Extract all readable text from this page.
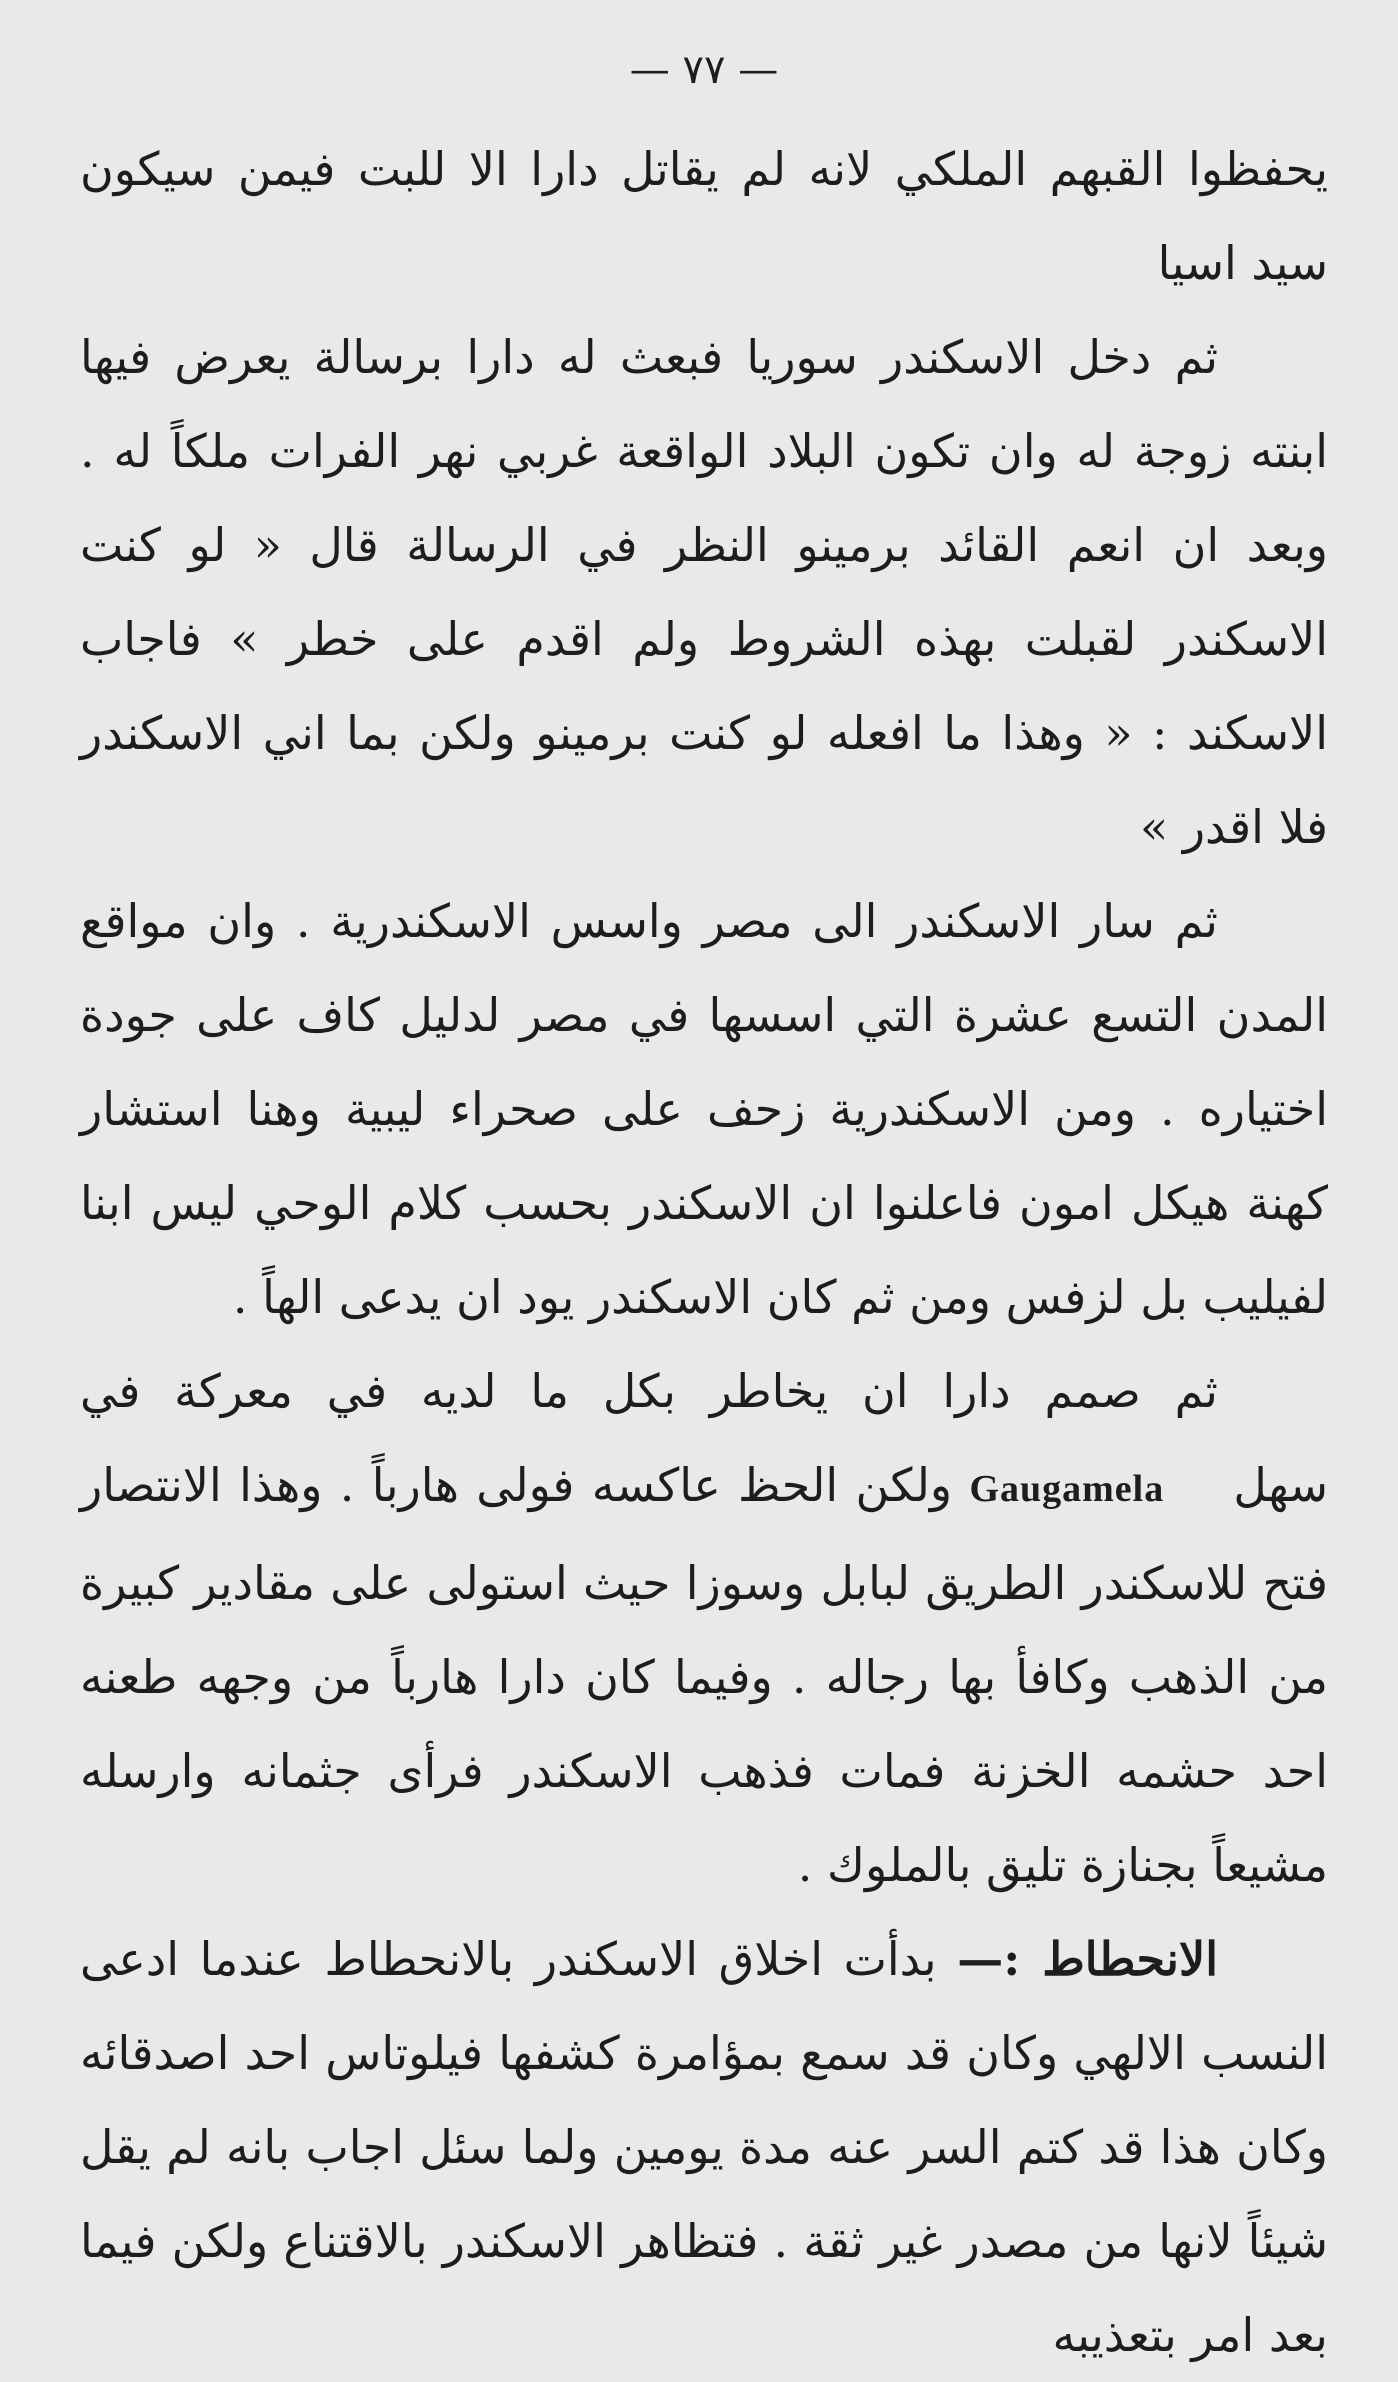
— ٧٧ —

يحفظوا القبهم الملكي لانه لم يقاتل دارا الا للبت فيمن سيكون سيد اسيا

ثم دخل الاسكندر سوريا فبعث له دارا برسالة يعرض فيها ابنته زوجة له وان تكون البلاد الواقعة غربي نهر الفرات ملكاً له . وبعد ان انعم القائد برمينو النظر في الرسالة قال « لو كنت الاسكندر لقبلت بهذه الشروط ولم اقدم على خطر » فاجاب الاسكند : « وهذا ما افعله لو كنت برمينو ولكن بما اني الاسكندر فلا اقدر »

ثم سار الاسكندر الى مصر واسس الاسكندرية . وان مواقع المدن التسع عشرة التي اسسها في مصر لدليل كاف على جودة اختياره . ومن الاسكندرية زحف على صحراء ليبية وهنا استشار كهنة هيكل امون فاعلنوا ان الاسكندر بحسب كلام الوحي ليس ابنا لفيليب بل لزفس ومن ثم كان الاسكندر يود ان يدعى الهاً .

ثم صمم دارا ان يخاطر بكل ما لديه في معركة في سهل    Gaugamela ولكن الحظ عاكسه فولى هارباً . وهذا الانتصار فتح للاسكندر الطريق لبابل وسوزا حيث استولى على مقادير كبيرة من الذهب وكافأ بها رجاله . وفيما كان دارا هارباً من وجهه طعنه احد حشمه الخزنة فمات فذهب الاسكندر فرأى جثمانه وارسله مشيعاً بجنازة تليق بالملوك .

الانحطاط :— بدأت اخلاق الاسكندر بالانحطاط عندما ادعى النسب الالهي وكان قد سمع بمؤامرة كشفها فيلوتاس احد اصدقائه وكان هذا قد كتم السر عنه مدة يومين ولما سئل اجاب بانه لم يقل شيئاً لانها من مصدر غير ثقة . فتظاهر الاسكندر بالاقتناع ولكن فيما بعد امر بتعذيبه
